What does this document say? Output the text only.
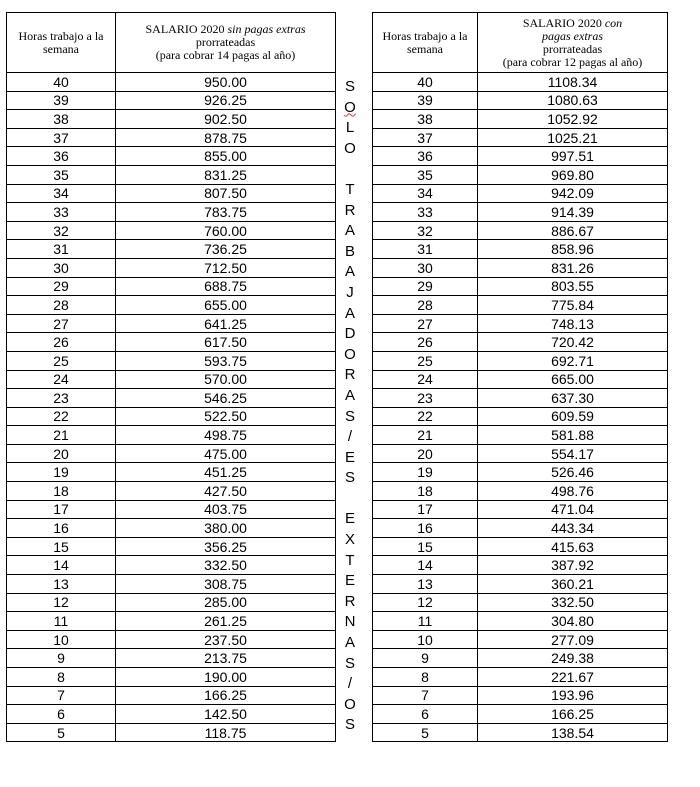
Horas trabajo a la semana	SALARIO 2020 sin pagas extras
prorrateadas
(para cobrar 14 pagas al año)
40	950.00
39	926.25
38	902.50
37	878.75
36	855.00
35	831.25
34	807.50
33	783.75
32	760.00
31	736.25
30	712.50
29	688.75
28	655.00
27	641.25
26	617.50
25	593.75
24	570.00
23	546.25
22	522.50
21	498.75
20	475.00
19	451.25
18	427.50
17	403.75
16	380.00
15	356.25
14	332.50
13	308.75
12	285.00
11	261.25
10	237.50
9	213.75
8	190.00
7	166.25
6	142.50
5	118.75
S
O
L
O
T
R
A
B
A
J
A
D
O
R
A
S
/
E
S
E
X
T
E
R
N
A
S
/
O
S
Horas trabajo a la semana	SALARIO 2020 con
pagas extras
prorrateadas
(para cobrar 12 pagas al año)
40	1108.34
39	1080.63
38	1052.92
37	1025.21
36	997.51
35	969.80
34	942.09
33	914.39
32	886.67
31	858.96
30	831.26
29	803.55
28	775.84
27	748.13
26	720.42
25	692.71
24	665.00
23	637.30
22	609.59
21	581.88
20	554.17
19	526.46
18	498.76
17	471.04
16	443.34
15	415.63
14	387.92
13	360.21
12	332.50
11	304.80
10	277.09
9	249.38
8	221.67
7	193.96
6	166.25
5	138.54
